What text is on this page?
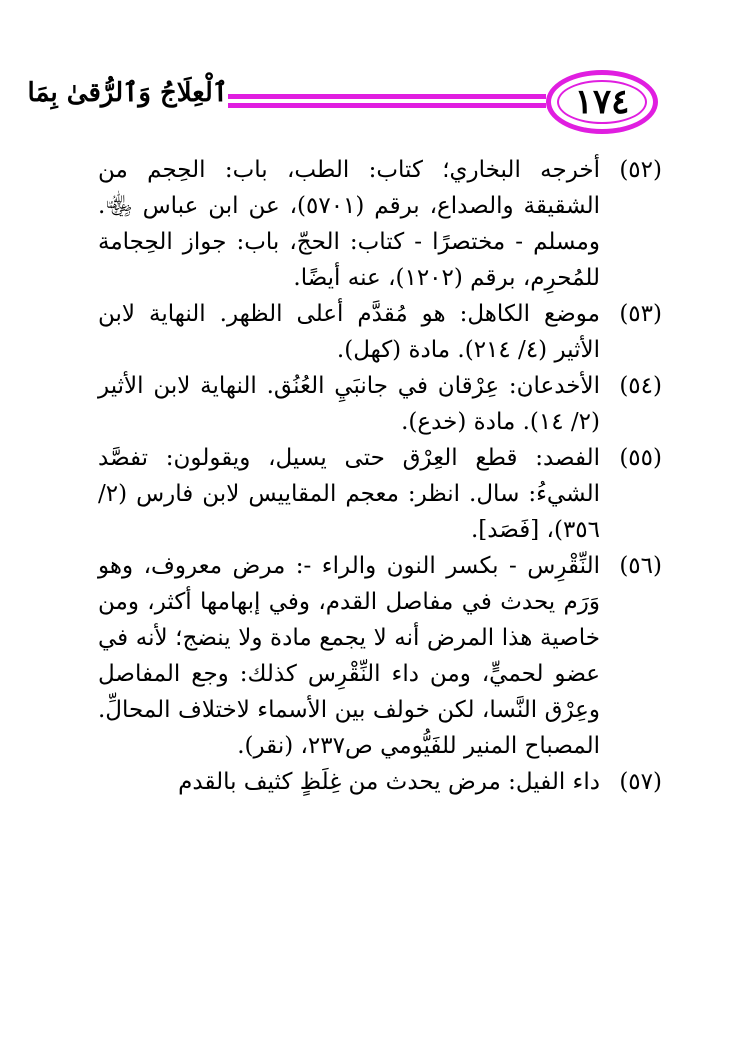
ٱلْعِلَاجُ وَٱلرُّقىٰ بِمَا	١٧٤
(٥٢)
أخرجه البخاري؛ كتاب: الطب، باب: الحِجم من الشقيقة والصداع، برقم (٥٧٠١)، عن ابن عباس ﵄. ومسلم - مختصرًا - كتاب: الحجّ، باب: جواز الحِجامة للمُحرِم، برقم (١٢٠٢)، عنه أيضًا.
(٥٣)
موضع الكاهل: هو مُقدَّم أعلى الظهر. النهاية لابن الأثير (٤/ ٢١٤). مادة (كهل).
(٥٤)
الأخدعان: عِرْقان في جانبَيِ العُنُق. النهاية لابن الأثير (٢/ ١٤). مادة (خدع).
(٥٥)
الفصد: قطع العِرْق حتى يسيل، ويقولون: تفصَّد الشيءُ: سال. انظر: معجم المقاييس لابن فارس (٢/ ٣٥٦)، [فَصَد].
(٥٦)
النِّقْرِس - بكسر النون والراء -: مرض معروف، وهو وَرَم يحدث في مفاصل القدم، وفي إبهامها أكثر، ومن خاصية هذا المرض أنه لا يجمع مادة ولا ينضج؛ لأنه في عضو لحميٍّ، ومن داء النِّقْرِس كذلك: وجع المفاصل وعِرْق النَّسا، لكن خولف بين الأسماء لاختلاف المحالِّ. المصباح المنير للفَيُّومي ص٢٣٧، (نقر).
(٥٧)
داء الفيل: مرض يحدث من غِلَظٍ كثيف بالقدم
